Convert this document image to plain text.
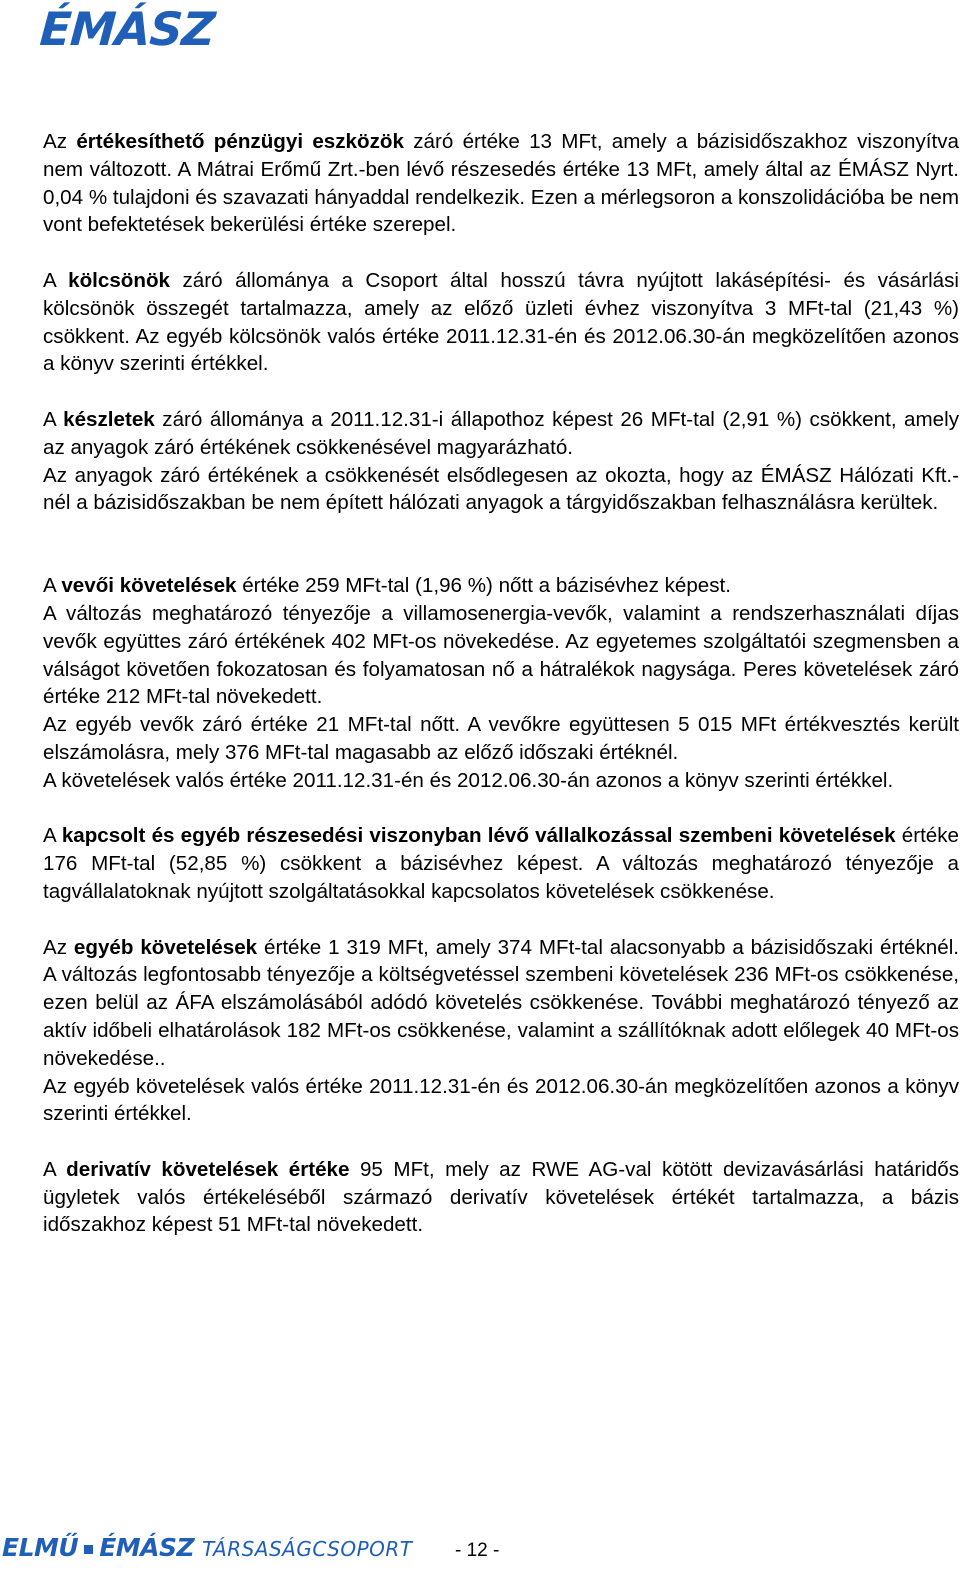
ÉMÁSZ

Az értékesíthető pénzügyi eszközök záró értéke 13 MFt, amely a bázisidőszakhoz viszonyítva nem változott. A Mátrai Erőmű Zrt.-ben lévő részesedés értéke 13 MFt, amely által az ÉMÁSZ Nyrt. 0,04 % tulajdoni és szavazati hányaddal rendelkezik. Ezen a mérlegsoron a konszolidációba be nem vont befektetések bekerülési értéke szerepel.

A kölcsönök záró állománya a Csoport által hosszú távra nyújtott lakásépítési- és vásárlási kölcsönök összegét tartalmazza, amely az előző üzleti évhez viszonyítva 3 MFt-tal (21,43 %) csökkent. Az egyéb kölcsönök valós értéke 2011.12.31-én és 2012.06.30-án megközelítően azonos a könyv szerinti értékkel.

A készletek záró állománya a 2011.12.31-i állapothoz képest 26 MFt-tal (2,91 %) csökkent, amely az anyagok záró értékének csökkenésével magyarázható.

Az anyagok záró értékének a csökkenését elsődlegesen az okozta, hogy az ÉMÁSZ Hálózati Kft.-nél a bázisidőszakban be nem épített hálózati anyagok a tárgyidőszakban felhasználásra kerültek.

A vevői követelések értéke 259 MFt-tal (1,96 %) nőtt a bázisévhez képest.

A változás meghatározó tényezője a villamosenergia-vevők, valamint a rendszerhasználati díjas vevők együttes záró értékének 402 MFt-os növekedése. Az egyetemes szolgáltatói szegmensben a válságot követően fokozatosan és folyamatosan nő a hátralékok nagysága. Peres követelések záró értéke 212 MFt-tal növekedett.

Az egyéb vevők záró értéke 21 MFt-tal nőtt. A vevőkre együttesen 5 015 MFt értékvesztés került elszámolásra, mely 376 MFt-tal magasabb az előző időszaki értéknél.

A követelések valós értéke 2011.12.31-én és 2012.06.30-án azonos a könyv szerinti értékkel.

A kapcsolt és egyéb részesedési viszonyban lévő vállalkozással szembeni követelések értéke 176 MFt-tal (52,85 %) csökkent a bázisévhez képest. A változás meghatározó tényezője a tagvállalatoknak nyújtott szolgáltatásokkal kapcsolatos követelések csökkenése.

Az egyéb követelések értéke 1 319 MFt, amely 374 MFt-tal alacsonyabb a bázisidőszaki értéknél. A változás legfontosabb tényezője a költségvetéssel szembeni követelések 236 MFt-os csökkenése, ezen belül az ÁFA elszámolásából adódó követelés csökkenése. További meghatározó tényező az aktív időbeli elhatárolások 182 MFt-os csökkenése, valamint a szállítóknak adott előlegek 40 MFt-os növekedése..

Az egyéb követelések valós értéke 2011.12.31-én és 2012.06.30-án megközelítően azonos a könyv szerinti értékkel.

A derivatív követelések értéke 95 MFt, mely az RWE AG-val kötött devizavásárlási határidős ügyletek valós értékeléséből származó derivatív követelések értékét tartalmazza, a bázis időszakhoz képest 51 MFt-tal növekedett.

ELMŰ ÉMÁSZ TÁRSASÁGCSOPORT - 12 -
